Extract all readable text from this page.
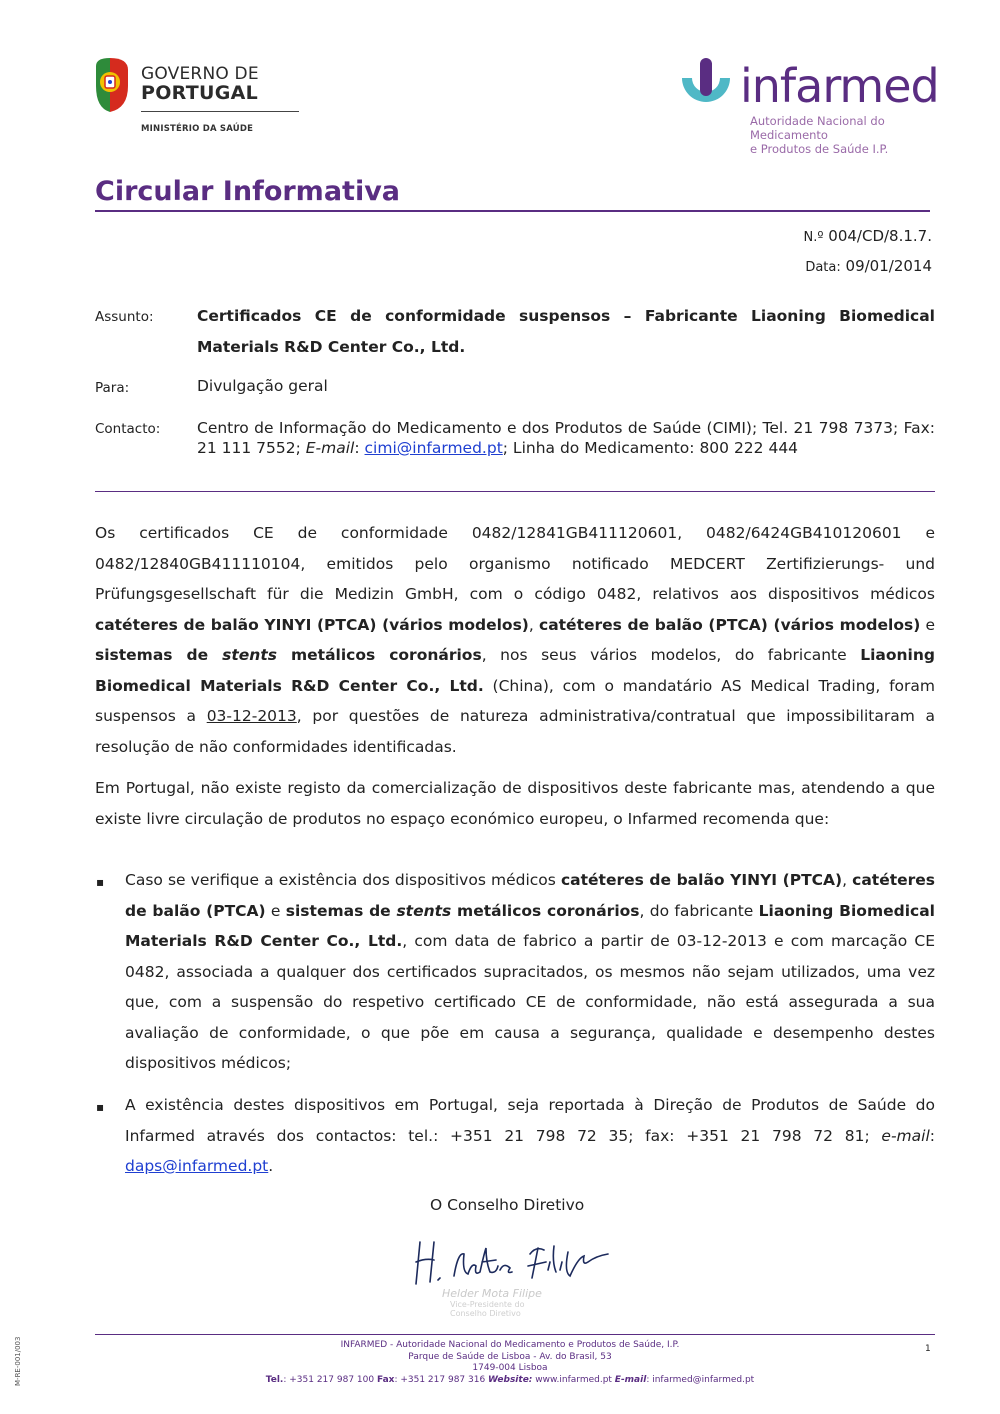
GOVERNO DE
PORTUGAL
MINISTÉRIO DA SAÚDE
infarmed
Autoridade Nacional do Medicamento
e Produtos de Saúde I.P.
Circular Informativa
N.º 004/CD/8.1.7.
Data: 09/01/2014
Assunto:	Certificados CE de conformidade suspensos – Fabricante Liaoning Biomedical Materials R&D Center Co., Ltd.
Para:	Divulgação geral
Contacto: Centro de Informação do Medicamento e dos Produtos de Saúde (CIMI); Tel. 21 798 7373; Fax: 21 111 7552; E-mail: cimi@infarmed.pt; Linha do Medicamento: 800 222 444
Os certificados CE de conformidade 0482/12841GB411120601, 0482/6424GB410120601 e 0482/12840GB411110104, emitidos pelo organismo notificado MEDCERT Zertifizierungs- und Prüfungsgesellschaft für die Medizin GmbH, com o código 0482, relativos aos dispositivos médicos catéteres de balão YINYI (PTCA) (vários modelos), catéteres de balão (PTCA) (vários modelos) e sistemas de stents metálicos coronários, nos seus vários modelos, do fabricante Liaoning Biomedical Materials R&D Center Co., Ltd. (China), com o mandatário AS Medical Trading, foram suspensos a 03-12-2013, por questões de natureza administrativa/contratual que impossibilitaram a resolução de não conformidades identificadas.
Em Portugal, não existe registo da comercialização de dispositivos deste fabricante mas, atendendo a que existe livre circulação de produtos no espaço económico europeu, o Infarmed recomenda que:
▪ Caso se verifique a existência dos dispositivos médicos catéteres de balão YINYI (PTCA), catéteres de balão (PTCA) e sistemas de stents metálicos coronários, do fabricante Liaoning Biomedical Materials R&D Center Co., Ltd., com data de fabrico a partir de 03-12-2013 e com marcação CE 0482, associada a qualquer dos certificados supracitados, os mesmos não sejam utilizados, uma vez que, com a suspensão do respetivo certificado CE de conformidade, não está assegurada a sua avaliação de conformidade, o que põe em causa a segurança, qualidade e desempenho destes dispositivos médicos;
▪ A existência destes dispositivos em Portugal, seja reportada à Direção de Produtos de Saúde do Infarmed através dos contactos: tel.: +351 21 798 72 35; fax: +351 21 798 72 81; e-mail: daps@infarmed.pt.
O Conselho Diretivo
Helder Mota Filipe
Vice-Presidente do
Conselho Diretivo
INFARMED - Autoridade Nacional do Medicamento e Produtos de Saúde, I.P.
Parque de Saúde de Lisboa - Av. do Brasil, 53
1749-004 Lisboa
Tel.: +351 217 987 100 Fax: +351 217 987 316 Website: www.infarmed.pt E-mail: infarmed@infarmed.pt
1
M-RE-001/003
